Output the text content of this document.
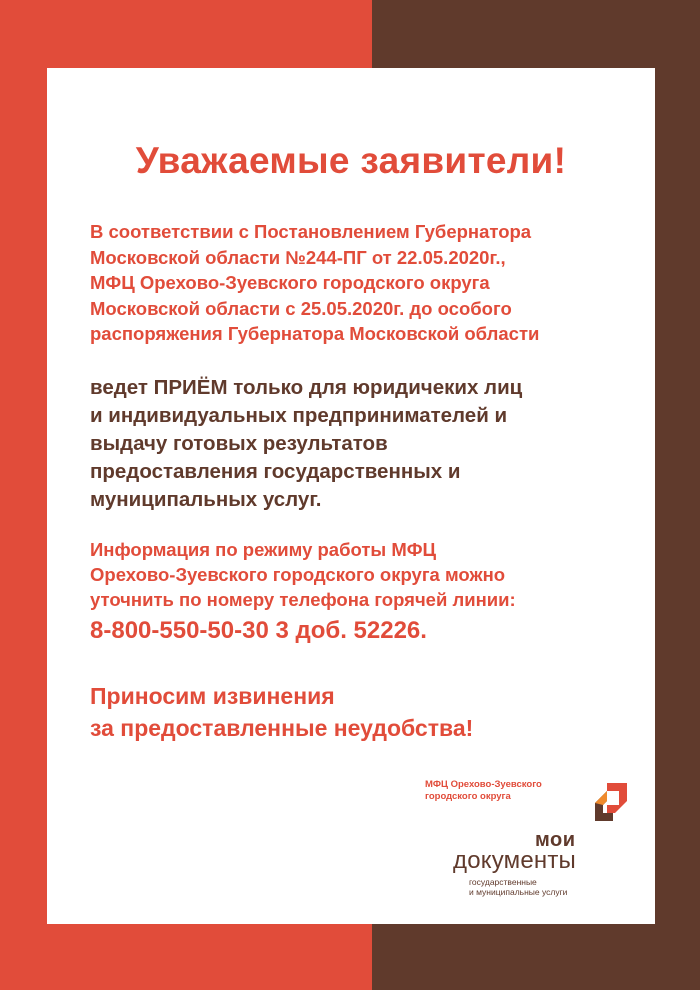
Уважаемые заявители!
В соответствии с Постановлением Губернатора
Московской области №244-ПГ от 22.05.2020г.,
МФЦ Орехово-Зуевского городского округа
Московской области с 25.05.2020г. до особого
распоряжения Губернатора Московской области
ведет ПРИЁМ только для юридичеких лиц
и индивидуальных предпринимателей и
выдачу готовых результатов
предоставления государственных и
муниципальных услуг.
Информация по режиму работы МФЦ
Орехово-Зуевского городского округа можно
уточнить по номеру телефона горячей линии:
8-800-550-50-30 3 доб. 52226.
Приносим извинения
за предоставленные неудобства!
МФЦ Орехово-Зуевского
городского округа
мои
документы
государственные
и муниципальные услуги
